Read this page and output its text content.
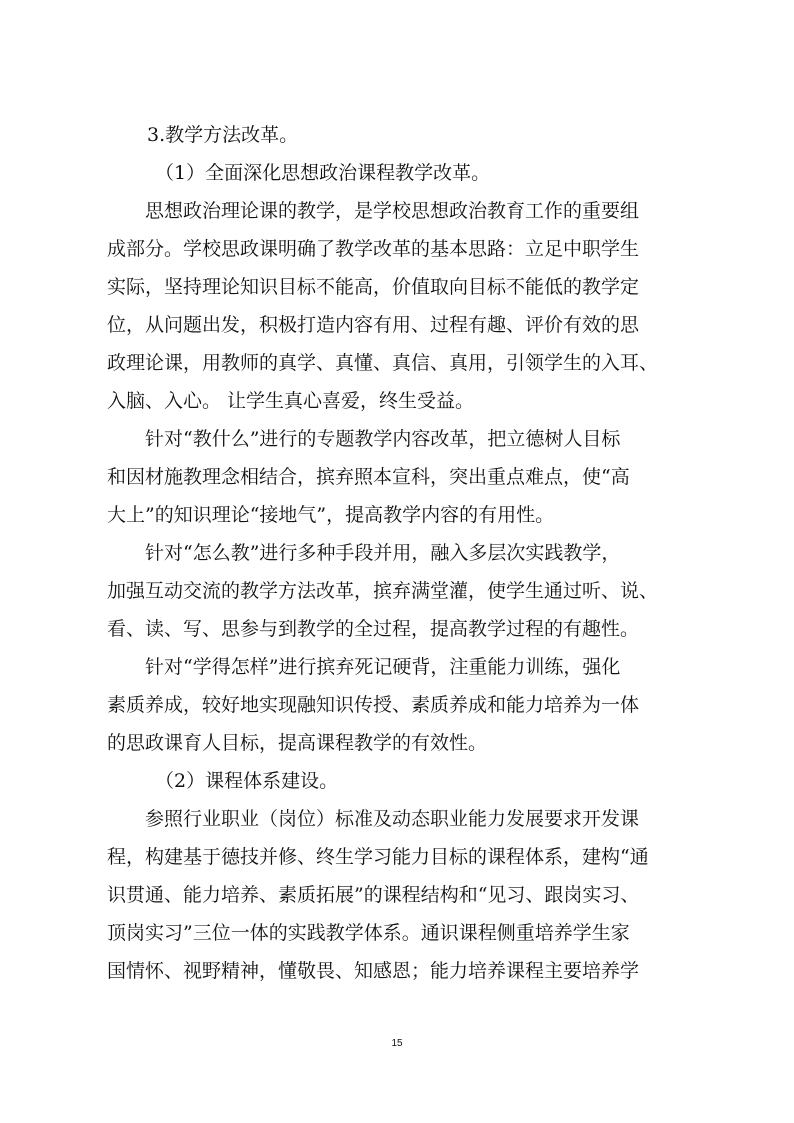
3.教学方法改革。
（1）全面深化思想政治课程教学改革。
思想政治理论课的教学，是学校思想政治教育工作的重要组
成部分。学校思政课明确了教学改革的基本思路：立足中职学生
实际，坚持理论知识目标不能高，价值取向目标不能低的教学定
位，从问题出发，积极打造内容有用、过程有趣、评价有效的思
政理论课，用教师的真学、真懂、真信、真用，引领学生的入耳、
入脑、入心。 让学生真心喜爱，终生受益。
针对“教什么”进行的专题教学内容改革，把立德树人目标
和因材施教理念相结合，摈弃照本宣科，突出重点难点，使“高
大上”的知识理论“接地气”，提高教学内容的有用性。
针对“怎么教”进行多种手段并用，融入多层次实践教学，
加强互动交流的教学方法改革，摈弃满堂灌，使学生通过听、说、
看、读、写、思参与到教学的全过程，提高教学过程的有趣性。
针对“学得怎样”进行摈弃死记硬背，注重能力训练，强化
素质养成，较好地实现融知识传授、素质养成和能力培养为一体
的思政课育人目标，提高课程教学的有效性。
（2）课程体系建设。
参照行业职业（岗位）标准及动态职业能力发展要求开发课
程，构建基于德技并修、终生学习能力目标的课程体系，建构“通
识贯通、能力培养、素质拓展”的课程结构和“见习、跟岗实习、
顶岗实习”三位一体的实践教学体系。通识课程侧重培养学生家
国情怀、视野精神，懂敬畏、知感恩；能力培养课程主要培养学
15
